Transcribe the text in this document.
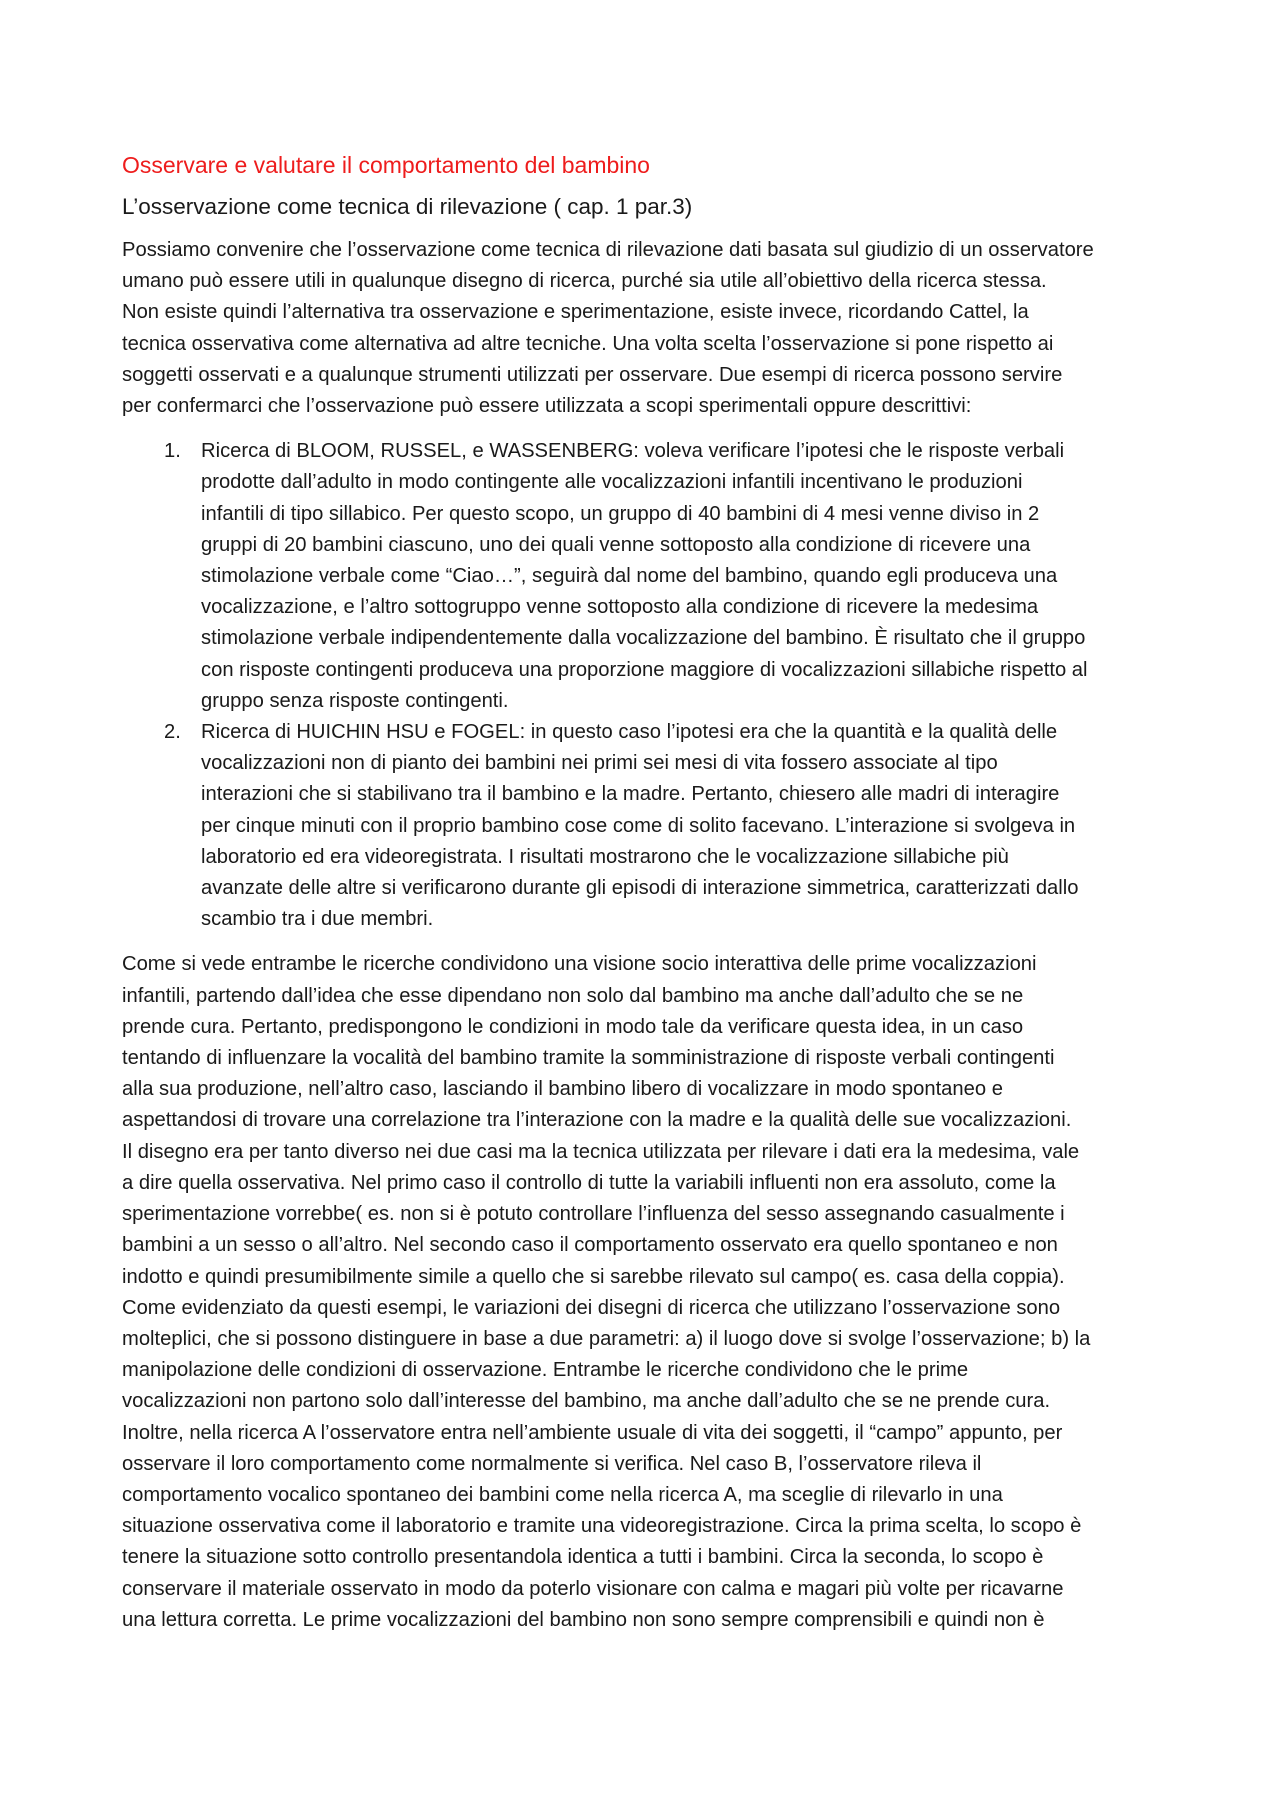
Osservare e valutare il comportamento del bambino
L’osservazione come tecnica di rilevazione ( cap. 1 par.3)
Possiamo convenire che l’osservazione come tecnica di rilevazione dati basata sul giudizio di un osservatore
umano può essere utili in qualunque disegno di ricerca, purché sia utile all’obiettivo della ricerca stessa.
Non esiste quindi l’alternativa tra osservazione e sperimentazione, esiste invece, ricordando Cattel, la
tecnica osservativa come alternativa ad altre tecniche. Una volta scelta l’osservazione si pone rispetto ai
soggetti osservati e a qualunque strumenti utilizzati per osservare. Due esempi di ricerca possono servire
per confermarci che l’osservazione può essere utilizzata a scopi sperimentali oppure descrittivi:
1. Ricerca di BLOOM, RUSSEL, e WASSENBERG: voleva verificare l’ipotesi che le risposte verbali
prodotte dall’adulto in modo contingente alle vocalizzazioni infantili incentivano le produzioni
infantili di tipo sillabico. Per questo scopo, un gruppo di 40 bambini di 4 mesi venne diviso in 2
gruppi di 20 bambini ciascuno, uno dei quali venne sottoposto alla condizione di ricevere una
stimolazione verbale come “Ciao…”, seguirà dal nome del bambino, quando egli produceva una
vocalizzazione, e l’altro sottogruppo venne sottoposto alla condizione di ricevere la medesima
stimolazione verbale indipendentemente dalla vocalizzazione del bambino. È risultato che il gruppo
con risposte contingenti produceva una proporzione maggiore di vocalizzazioni sillabiche rispetto al
gruppo senza risposte contingenti.
2. Ricerca di HUICHIN HSU e FOGEL: in questo caso l’ipotesi era che la quantità e la qualità delle
vocalizzazioni non di pianto dei bambini nei primi sei mesi di vita fossero associate al tipo
interazioni che si stabilivano tra il bambino e la madre. Pertanto, chiesero alle madri di interagire
per cinque minuti con il proprio bambino cose come di solito facevano. L’interazione si svolgeva in
laboratorio ed era videoregistrata. I risultati mostrarono che le vocalizzazione sillabiche più
avanzate delle altre si verificarono durante gli episodi di interazione simmetrica, caratterizzati dallo
scambio tra i due membri.
Come si vede entrambe le ricerche condividono una visione socio interattiva delle prime vocalizzazioni
infantili, partendo dall’idea che esse dipendano non solo dal bambino ma anche dall’adulto che se ne
prende cura. Pertanto, predispongono le condizioni in modo tale da verificare questa idea, in un caso
tentando di influenzare la vocalità del bambino tramite la somministrazione di risposte verbali contingenti
alla sua produzione, nell’altro caso, lasciando il bambino libero di vocalizzare in modo spontaneo e
aspettandosi di trovare una correlazione tra l’interazione con la madre e la qualità delle sue vocalizzazioni.
Il disegno era per tanto diverso nei due casi ma la tecnica utilizzata per rilevare i dati era la medesima, vale
a dire quella osservativa. Nel primo caso il controllo di tutte la variabili influenti non era assoluto, come la
sperimentazione vorrebbe( es. non si è potuto controllare l’influenza del sesso assegnando casualmente i
bambini a un sesso o all’altro. Nel secondo caso il comportamento osservato era quello spontaneo e non
indotto e quindi presumibilmente simile a quello che si sarebbe rilevato sul campo( es. casa della coppia).
Come evidenziato da questi esempi, le variazioni dei disegni di ricerca che utilizzano l’osservazione sono
molteplici, che si possono distinguere in base a due parametri: a) il luogo dove si svolge l’osservazione; b) la
manipolazione delle condizioni di osservazione. Entrambe le ricerche condividono che le prime
vocalizzazioni non partono solo dall’interesse del bambino, ma anche dall’adulto che se ne prende cura.
Inoltre, nella ricerca A l’osservatore entra nell’ambiente usuale di vita dei soggetti, il “campo” appunto, per
osservare il loro comportamento come normalmente si verifica. Nel caso B, l’osservatore rileva il
comportamento vocalico spontaneo dei bambini come nella ricerca A, ma sceglie di rilevarlo in una
situazione osservativa come il laboratorio e tramite una videoregistrazione. Circa la prima scelta, lo scopo è
tenere la situazione sotto controllo presentandola identica a tutti i bambini. Circa la seconda, lo scopo è
conservare il materiale osservato in modo da poterlo visionare con calma e magari più volte per ricavarne
una lettura corretta. Le prime vocalizzazioni del bambino non sono sempre comprensibili e quindi non è
